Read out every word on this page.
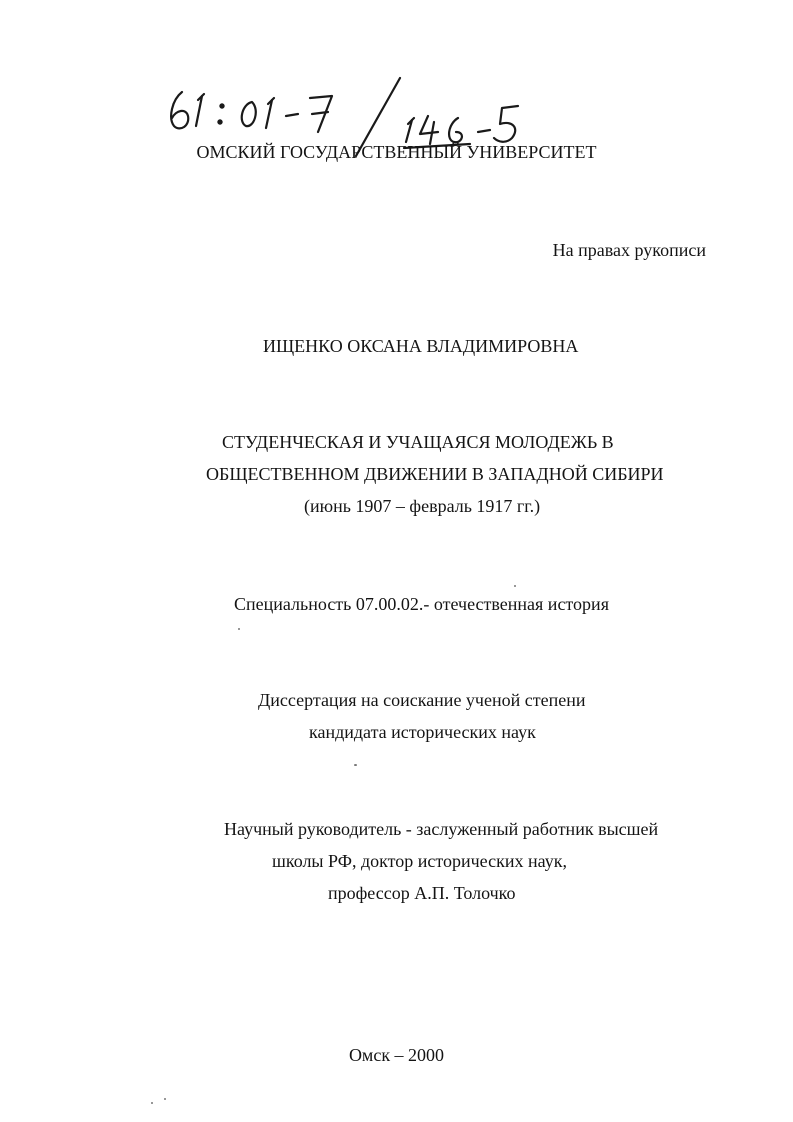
ОМСКИЙ ГОСУДАРСТВЕННЫЙ УНИВЕРСИТЕТ
На правах рукописи
ИЩЕНКО ОКСАНА ВЛАДИМИРОВНА
СТУДЕНЧЕСКАЯ И УЧАЩАЯСЯ МОЛОДЕЖЬ В
ОБЩЕСТВЕННОМ ДВИЖЕНИИ В ЗАПАДНОЙ СИБИРИ
(июнь 1907 – февраль 1917 гг.)
Специальность 07.00.02.- отечественная история
Диссертация на соискание ученой степени
кандидата исторических наук
Научный руководитель - заслуженный работник высшей
школы РФ, доктор исторических наук,
профессор А.П. Толочко
Омск – 2000
